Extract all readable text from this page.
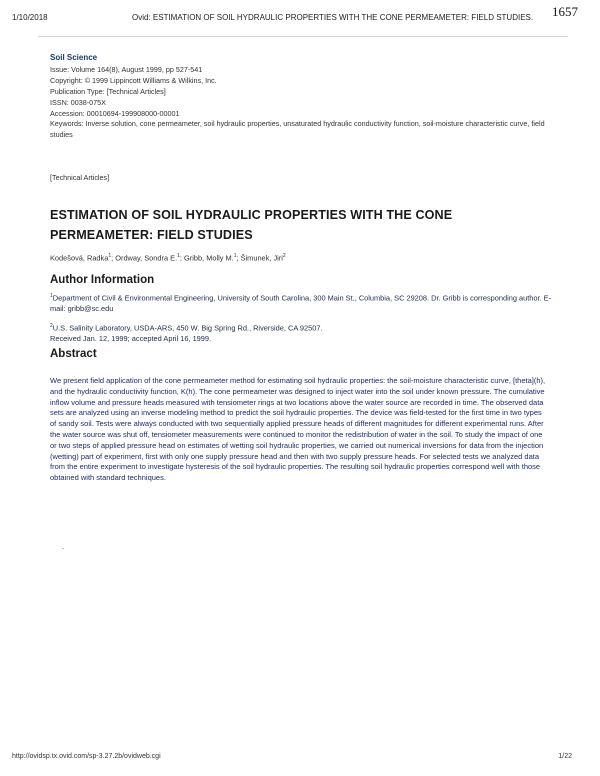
1/10/2018	Ovid: ESTIMATION OF SOIL HYDRAULIC PROPERTIES WITH THE CONE PERMEAMETER: FIELD STUDIES. 1657
Soil Science
Issue: Volume 164(8), August 1999, pp 527-541
Copyright: © 1999 Lippincott Williams & Wilkins, Inc.
Publication Type: [Technical Articles]
ISSN: 0038-075X
Accession: 00010694-199908000-00001
Keywords: Inverse solution, cone permeameter, soil hydraulic properties, unsaturated hydraulic conductivity function, soil-moisture characteristic curve, field studies
[Technical Articles]
ESTIMATION OF SOIL HYDRAULIC PROPERTIES WITH THE CONE PERMEAMETER: FIELD STUDIES
Kodešová, Radka$^1$; Ordway, Sondra E.$^1$; Gribb, Molly M.$^1$; Šimunek, Jiri$^2$
Author Information
$^1$Department of Civil & Environmental Engineering, University of South Carolina, 300 Main St., Columbia, SC 29208. Dr. Gribb is corresponding author. E-mail: gribb@sc.edu
$^2$U.S. Salinity Laboratory, USDA-ARS, 450 W. Big Spring Rd., Riverside, CA 92507.
Received Jan. 12, 1999; accepted April 16, 1999.
Abstract

We present field application of the cone permeameter method for estimating soil hydraulic properties: the soil-moisture characteristic curve, [theta](h), and the hydraulic conductivity function, K(h). The cone permeameter was designed to inject water into the soil under known pressure. The cumulative inflow volume and pressure heads measured with tensiometer rings at two locations above the water source are recorded in time. The observed data sets are analyzed using an inverse modeling method to predict the soil hydraulic properties. The device was field-tested for the first time in two types of sandy soil. Tests were always conducted with two sequentially applied pressure heads of different magnitudes for different experimental runs. After the water source was shut off, tensiometer measurements were continued to monitor the redistribution of water in the soil. To study the impact of one or two steps of applied pressure head on estimates of wetting soil hydraulic properties, we carried out numerical inversions for data from the injection (wetting) part of experiment, first with only one supply pressure head and then with two supply pressure heads. For selected tests we analyzed data from the entire experiment to investigate hysteresis of the soil hydraulic properties. The resulting soil hydraulic properties correspond well with those obtained with standard techniques.

.
http://ovidsp.tx.ovid.com/sp-3.27.2b/ovidweb.cgi	1/22
